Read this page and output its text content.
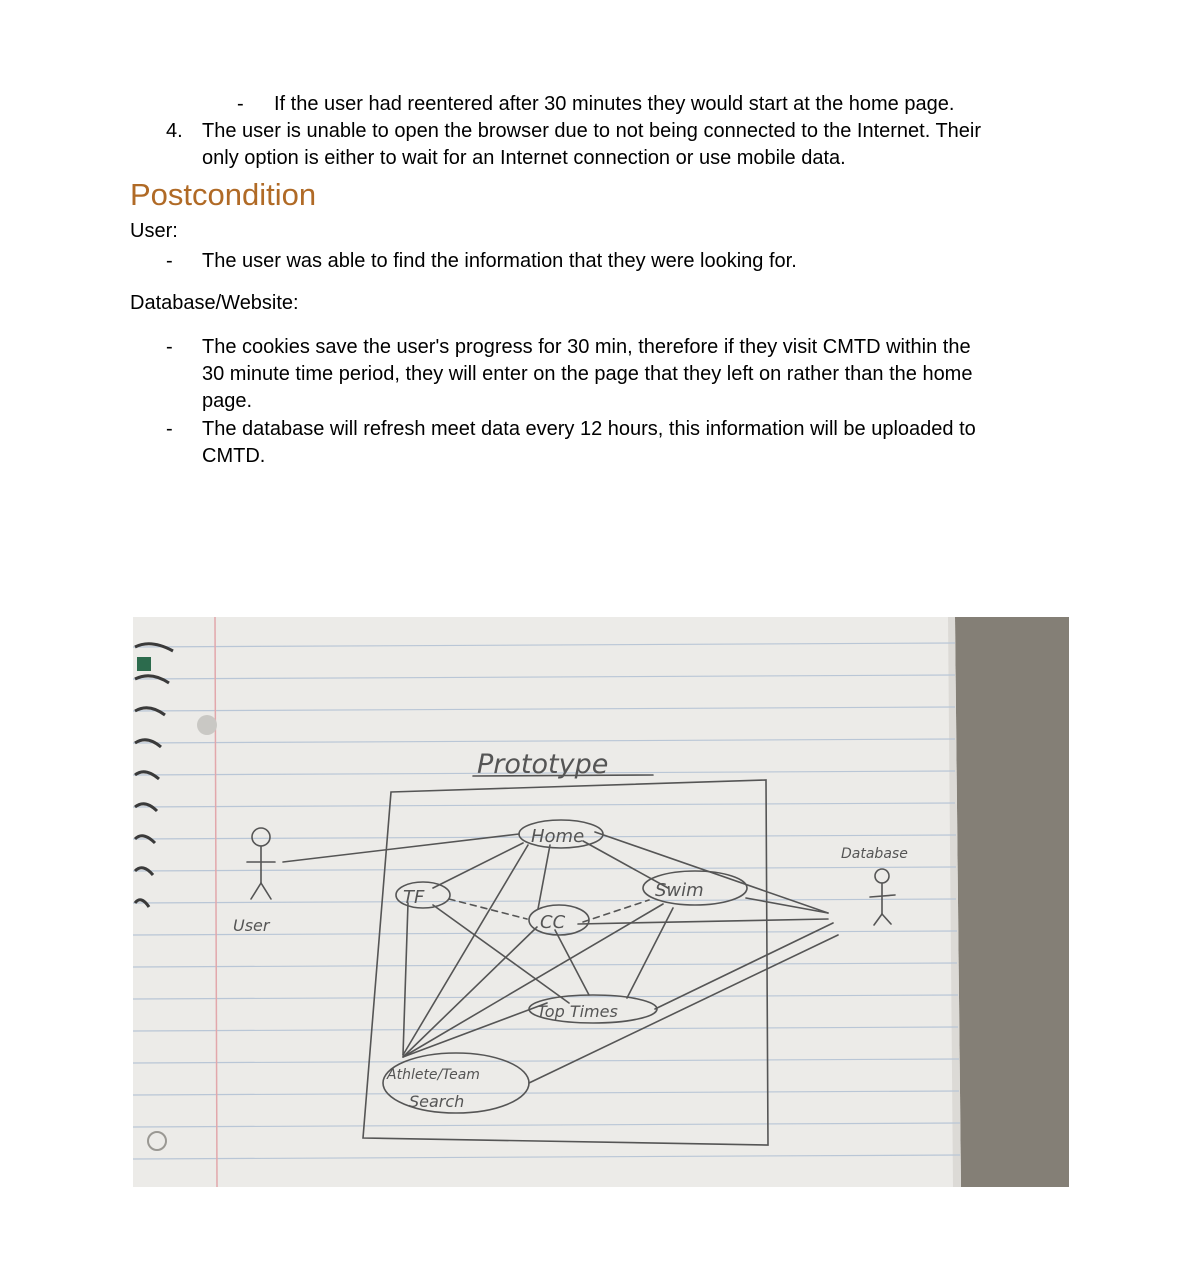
- If the user had reentered after 30 minutes they would start at the home page.
4. The user is unable to open the browser due to not being connected to the Internet. Their
only option is either to wait for an Internet connection or use mobile data.
Postcondition
User:
- The user was able to find the information that they were looking for.
Database/Website:
- The cookies save the user's progress for 30 min, therefore if they visit CMTD within the
30 minute time period, they will enter on the page that they left on rather than the home
page.
- The database will refresh meet data every 12 hours, this information will be uploaded to
CMTD.
Prototype
Home
TF
CC
Swim
Top Times
Athlete/Team
Search
User
Database
